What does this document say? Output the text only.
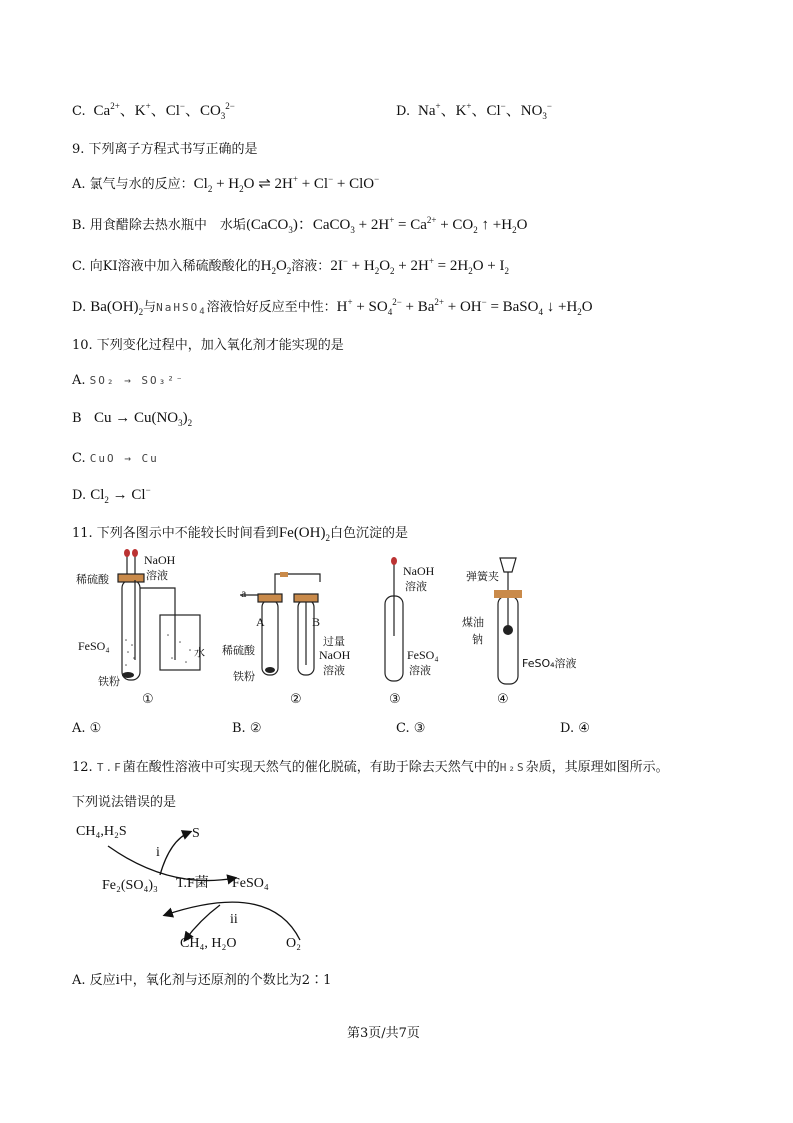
C.  $Ca^{2+}$、K+、Cl−、$CO_3^{2-}$	D.  Na+、K+、Cl−、$NO_3^-$
9. 下列离子方程式书写正确的是
A. 氯气与水的反应：$Cl_2 + H_2O$ ⇌ 2H+ + Cl− + ClO−
B. 用食醋除去热水瓶中　水垢(CaCO$_3$)：CaCO$_3$ + $2H^+ = Ca^{2+} + CO_2$ ↑ $+H_2O$
C. 向KI溶液中加入稀硫酸酸化的$H_2O_2$溶液：$2I^- + H_2O_2 + 2H^+ = 2H_2O + I_2$
D. $Ba(OH)_2$与NaHSO$_4$溶液恰好反应至中性：$H^+ + SO_4^{2-} + Ba^{2+} + OH^-$ = BaSO$_4$ ↓ $+H_2O$
10. 下列变化过程中，加入氧化剂才能实现的是
A. SO₂ → SO₃²⁻
B $Cu \to Cu(NO_3)_2$
C. CuO → Cu
D. $Cl_2 \to Cl^-$
11. 下列各图示中不能较长时间看到$Fe(OH)_2$白色沉淀的是
稀硫酸
NaOH
溶液
FeSO₄
铁粉
水
①
a
A	B
稀硫酸
铁粉
过量
NaOH
溶液
②
NaOH
溶液
FeSO₄
溶液
③
弹簧夹
煤油
钠
FeSO₄溶液
④
A. ①	B. ②	C. ③	D. ④
12. T.F菌在酸性溶液中可实现天然气的催化脱硫，有助于除去天然气中的H₂S杂质，其原理如图所示。
下列说法错误的是
CH₄,H₂S	S
i
T.F菌
Fe₂(SO₄)₃	FeSO₄
ii
CH₄, H₂O	O₂
A. 反应ⅰ中，氧化剂与还原剂的个数比为2∶1
第3页/共7页
